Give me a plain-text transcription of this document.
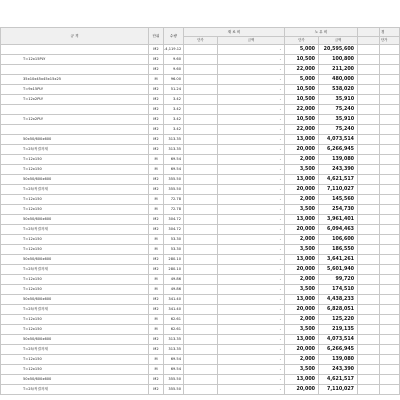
규 격	단위	수량	재 료 비		노 무 비			경
			단가	금액	단가	금액		단가
	M2	-4,119.12		-	5,000	20,595,600		
T=12x15PLY	M2	9.60		-	10,500	100,800		
	M2	9.60		-	22,000	211,200		
35x10x45x45x15x25	M	96.00		-	5,000	480,000		
T=9x15PLY	M2	51.24		-	10,500	538,020		
T=12x2PLY	M2	3.42		-	10,500	35,910		
	M2	3.42		-	22,000	75,240		
T=12x2PLY	M2	3.42		-	10,500	35,910		
	M2	3.42		-	22,000	75,240		
50x50/600x600	M2	313.35		-	13,000	4,073,514		
T=25/직결자재	M2	313.35		-	20,000	6,266,945		
T=12x150	M	69.54		-	2,000	139,080		
T=12x150	M	69.54		-	3,500	243,390		
50x50/600x600	M2	355.50		-	13,000	4,621,517		
T=25/직결자재	M2	355.50		-	20,000	7,110,027		
T=12x150	M	72.78		-	2,000	145,560		
T=12x150	M	72.78		-	3,500	254,730		
50x50/600x600	M2	304.72		-	13,000	3,961,401		
T=25/직결자재	M2	304.72		-	20,000	6,094,463		
T=12x150	M	53.30		-	2,000	106,600		
T=12x150	M	53.30		-	3,500	186,550		
50x50/600x600	M2	280.10		-	13,000	3,641,261		
T=25/직결자재	M2	280.10		-	20,000	5,601,940		
T=12x150	M	49.86		-	2,000	99,720		
T=12x150	M	49.86		-	3,500	174,510		
50x50/600x600	M2	341.40		-	13,000	4,438,233		
T=25/직결자재	M2	341.40		-	20,000	6,828,051		
T=12x150	M	62.61		-	2,000	125,220		
T=12x150	M	62.61		-	3,500	219,135		
50x50/600x600	M2	313.35		-	13,000	4,073,514		
T=25/직결자재	M2	313.35		-	20,000	6,266,945		
T=12x150	M	69.54		-	2,000	139,080		
T=12x150	M	69.54		-	3,500	243,390		
50x50/600x600	M2	355.50		-	13,000	4,621,517		
T=25/직결자재	M2	355.50		-	20,000	7,110,027		
